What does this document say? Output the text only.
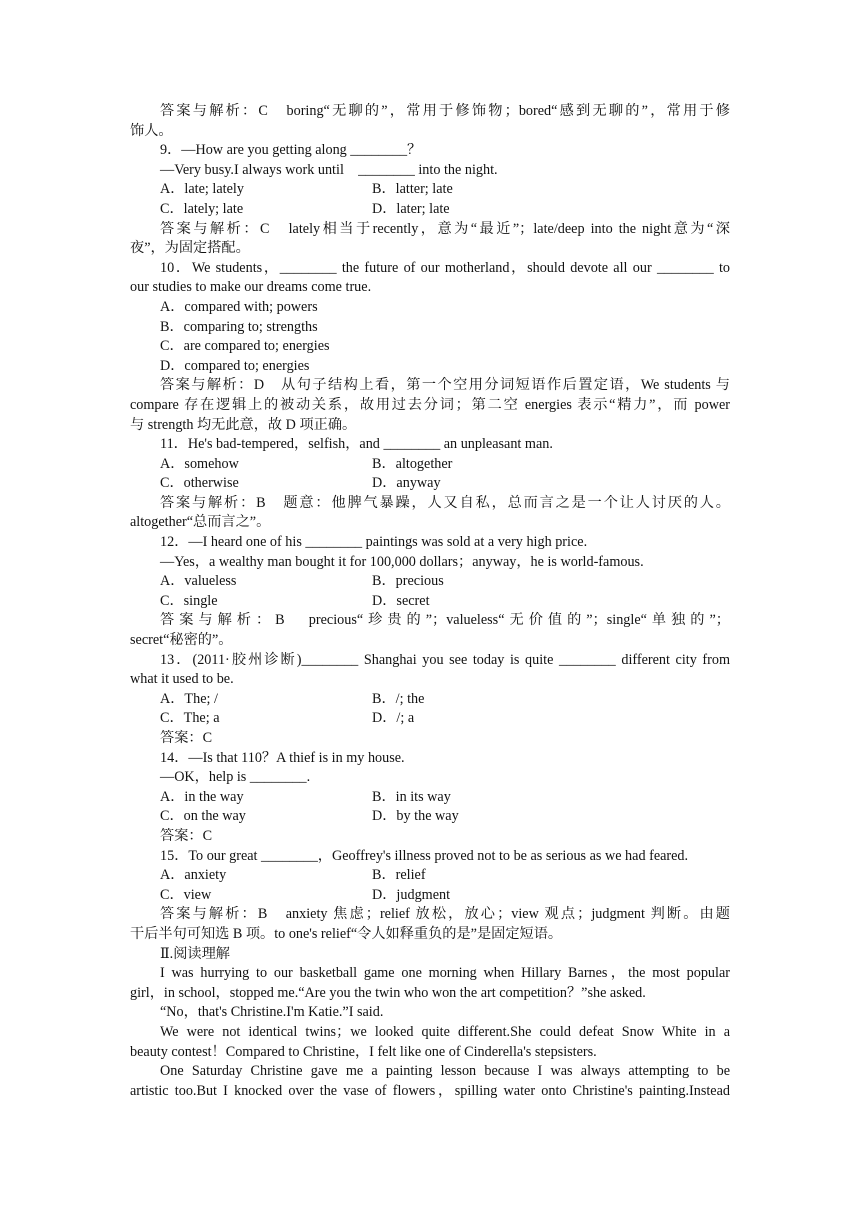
答案与解析：C　boring“无聊的”，常用于修饰物；bored“感到无聊的”，常用于修
饰人。
9．—How are you getting along ________？
—Very busy.I always work until　________ into the night.
A．late; lately	B．latter; late
C．lately; late	D．later; late
答案与解析：C　lately相当于recently，意为“最近”；late/deep into the night意为“深
夜”，为固定搭配。
10．We students，________ the future of our motherland，should devote all our ________ to
our studies to make our dreams come true.
A．compared with; powers
B．comparing to; strengths
C．are compared to; energies
D．compared to; energies
答案与解析：D　从句子结构上看，第一个空用分词短语作后置定语，We students 与
compare 存在逻辑上的被动关系，故用过去分词；第二空 energies 表示“精力”，而 power
与 strength 均无此意，故 D 项正确。
11．He's bad-tempered，selfish，and ________ an unpleasant man.
A．somehow	B．altogether
C．otherwise	D．anyway
答案与解析：B　题意：他脾气暴躁，人又自私，总而言之是一个让人讨厌的人。
altogether“总而言之”。
12．—I heard one of his ________ paintings was sold at a very high price.
—Yes，a wealthy man bought it for 100,000 dollars；anyway，he is world-famous.
A．valueless	B．precious
C．single	D．secret
答案与解析：B　precious“珍贵的”；valueless“无价值的”；single“单独的”；
secret“秘密的”。
13．(2011·胶州诊断)________ Shanghai you see today is quite ________ different city from
what it used to be.
A．The; /	B．/; the
C．The; a	D．/; a
答案：C
14．—Is that 110？A thief is in my house.
—OK，help is ________.
A．in the way	B．in its way
C．on the way	D．by the way
答案：C
15．To our great ________，Geoffrey's illness proved not to be as serious as we had feared.
A．anxiety	B．relief
C．view	D．judgment
答案与解析：B　anxiety 焦虑；relief 放松，放心；view 观点；judgment 判断。由题
干后半句可知选 B 项。to one's relief“令人如释重负的是”是固定短语。
Ⅱ.阅读理解
I was hurrying to our basketball game one morning when Hillary Barnes，the most popular
girl，in school，stopped me.“Are you the twin who won the art competition？”she asked.
“No，that's Christine.I'm Katie.”I said.
We were not identical twins；we looked quite different.She could defeat Snow White in a
beauty contest！Compared to Christine，I felt like one of Cinderella's stepsisters.
One Saturday Christine gave me a painting lesson because I was always attempting to be
artistic too.But I knocked over the vase of flowers，spilling water onto Christine's painting.Instead
